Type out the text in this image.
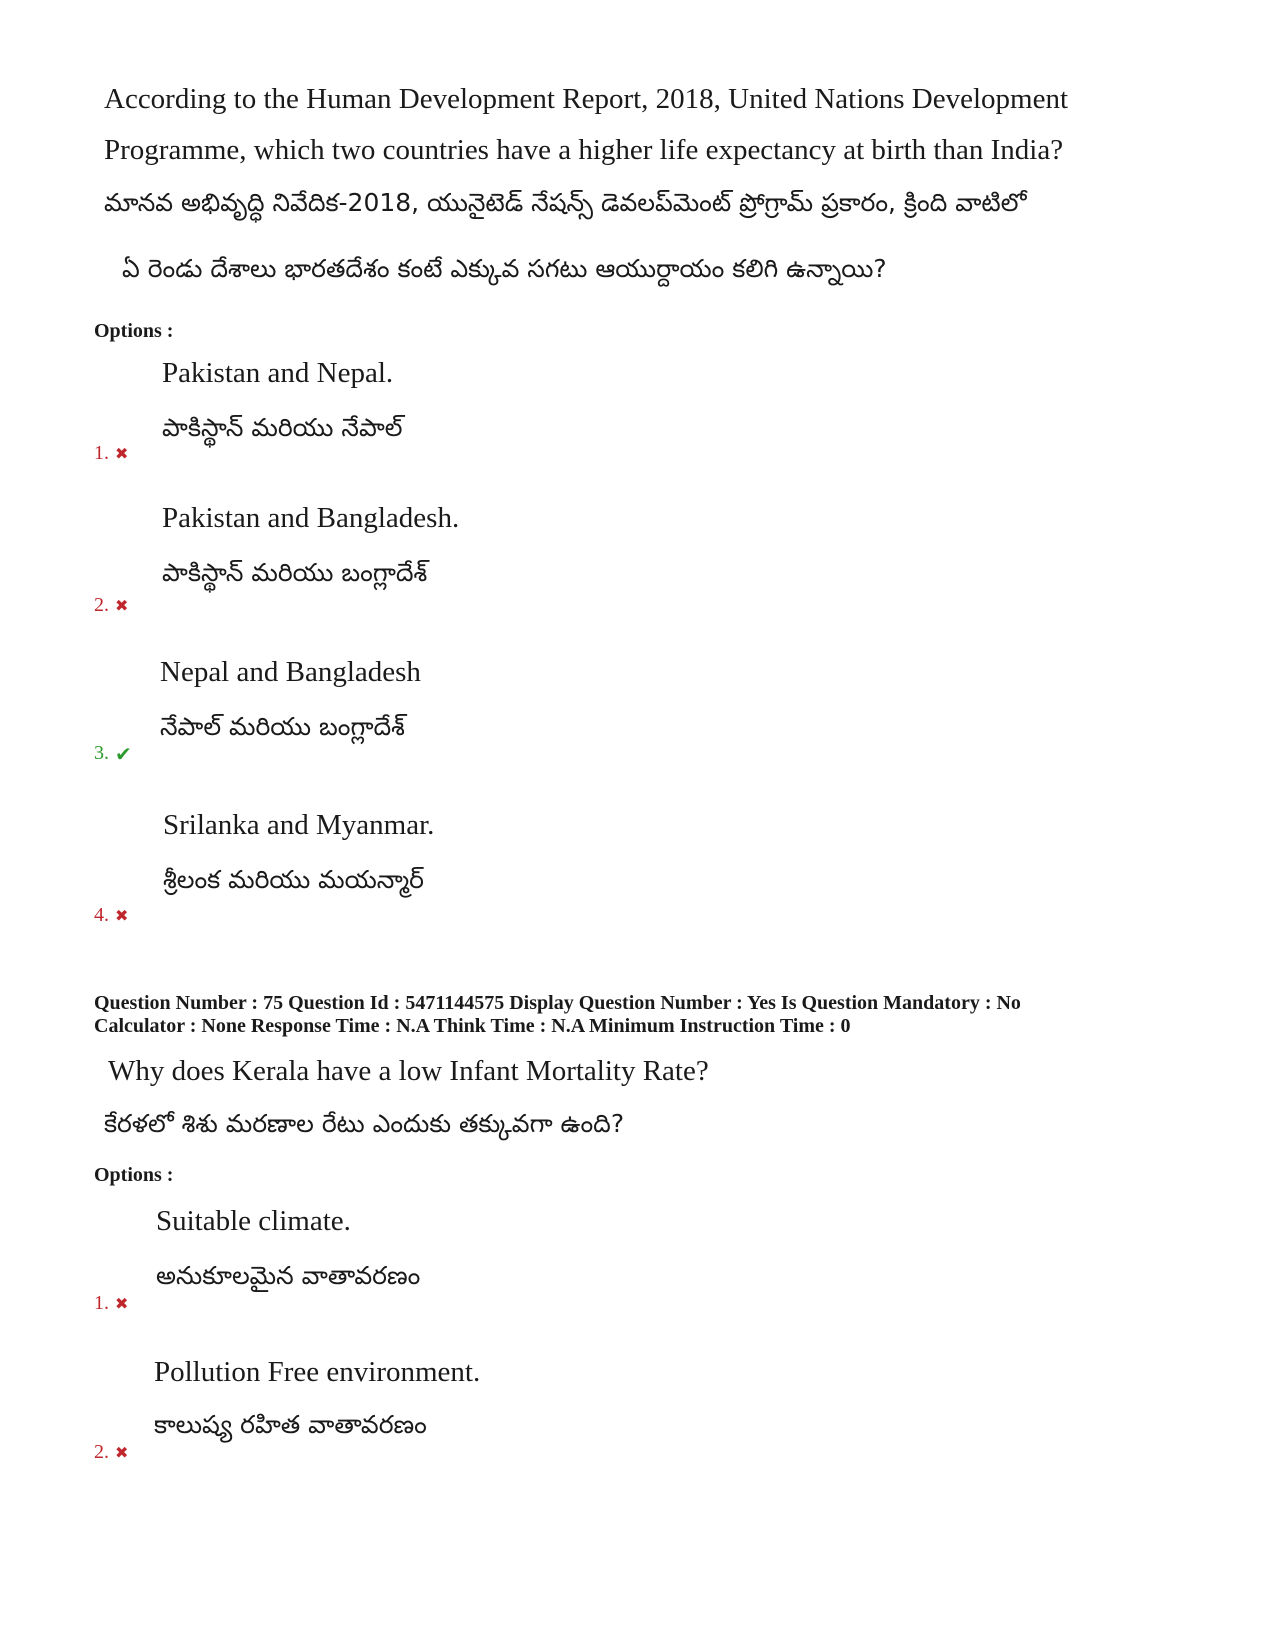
According to the Human Development Report, 2018, United Nations Development
Programme, which two countries have a higher life expectancy at birth than India?
మానవ అభివృద్ధి నివేదిక-2018, యునైటెడ్ నేషన్స్ డెవలప్‌మెంట్ ప్రోగ్రామ్ ప్రకారం, క్రింది వాటిలో
ఏ రెండు దేశాలు భారతదేశం కంటే ఎక్కువ సగటు ఆయుర్దాయం కలిగి ఉన్నాయి?
Options :
Pakistan and Nepal.
పాకిస్థాన్ మరియు నేపాల్
1. ✖
Pakistan and Bangladesh.
పాకిస్థాన్ మరియు బంగ్లాదేశ్
2. ✖
Nepal and Bangladesh
నేపాల్ మరియు బంగ్లాదేశ్
3. ✔
Srilanka and Myanmar.
శ్రీలంక మరియు మయన్మార్
4. ✖
Question Number : 75 Question Id : 5471144575 Display Question Number : Yes Is Question Mandatory : No
Calculator : None Response Time : N.A Think Time : N.A Minimum Instruction Time : 0
Why does Kerala have a low Infant Mortality Rate?
కేరళలో శిశు మరణాల రేటు ఎందుకు తక్కువగా ఉంది?
Options :
Suitable climate.
అనుకూలమైన వాతావరణం
1. ✖
Pollution Free environment.
కాలుష్య రహిత వాతావరణం
2. ✖
